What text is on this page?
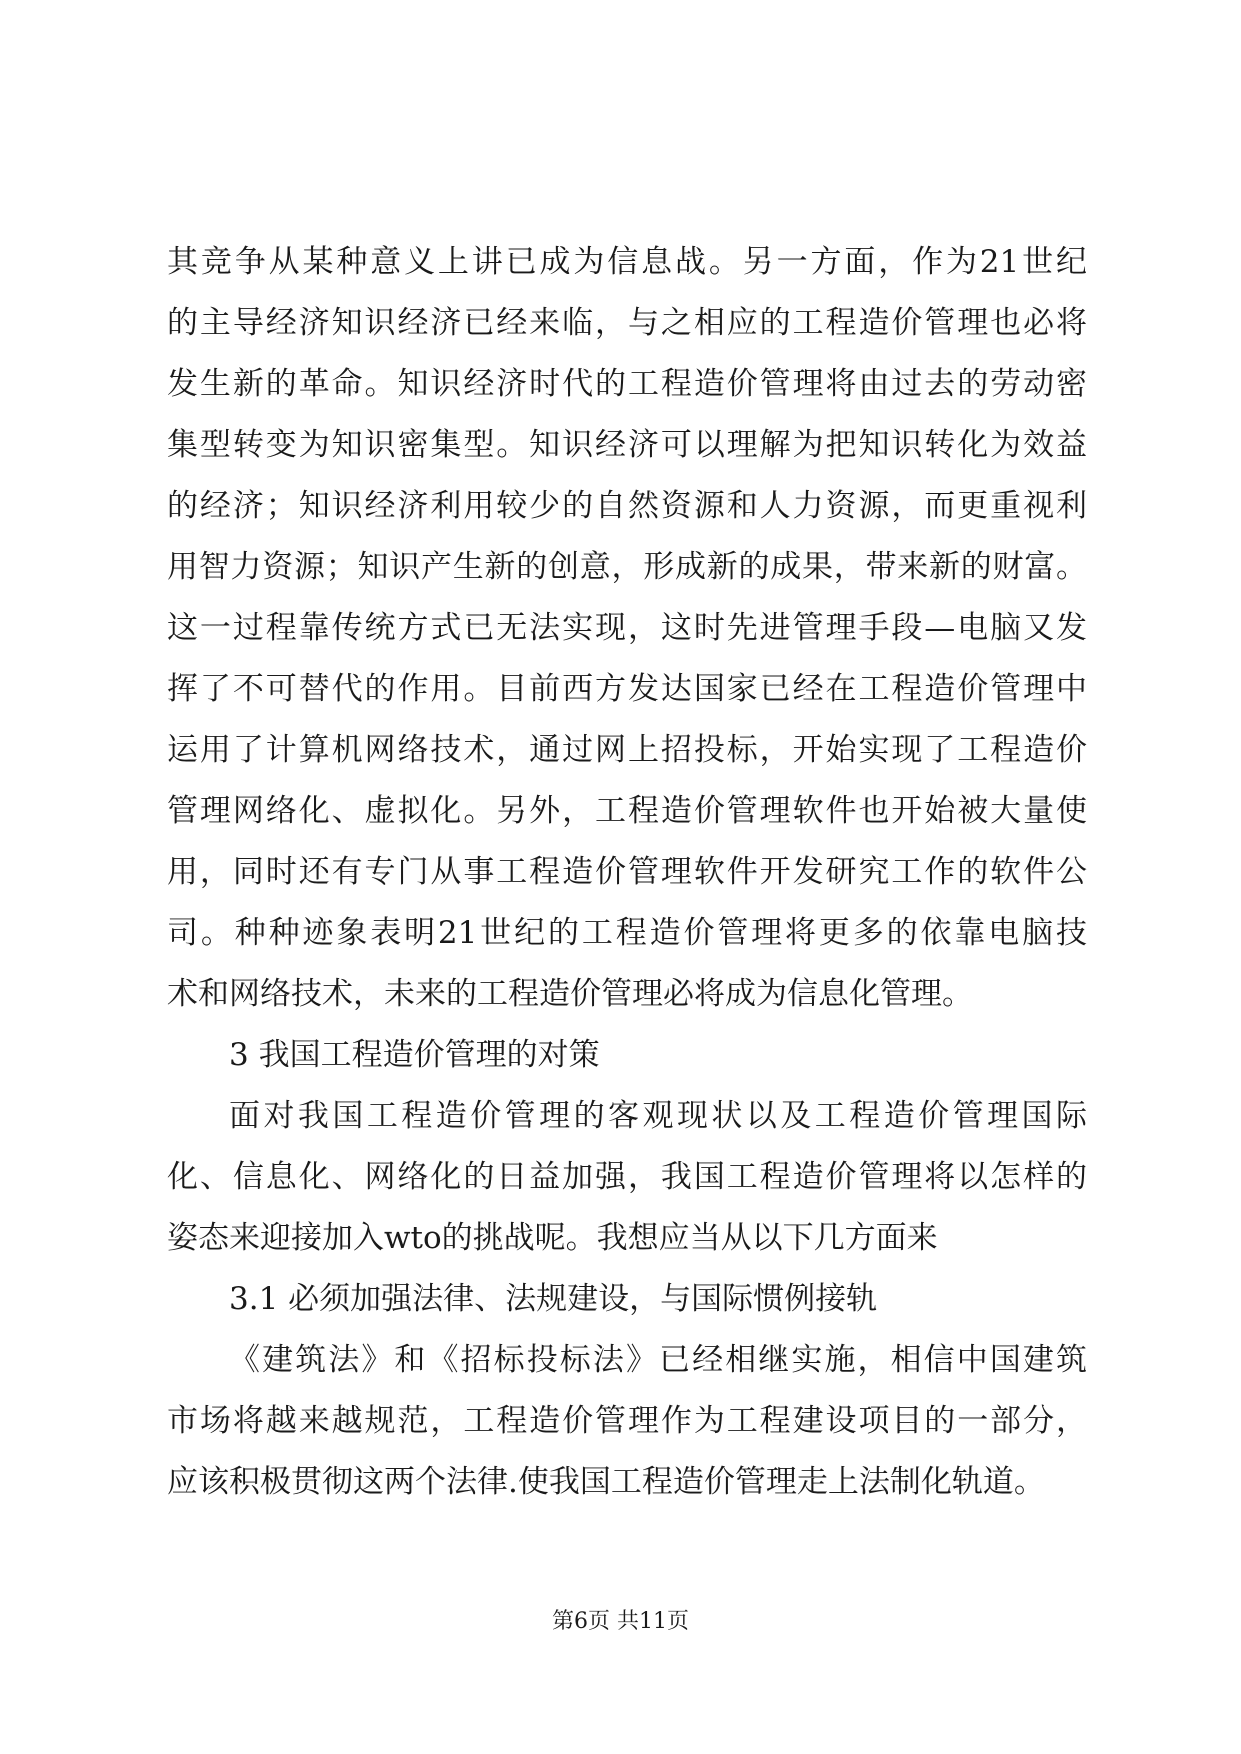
其竞争从某种意义上讲已成为信息战。另一方面，作为21世纪
的主导经济知识经济已经来临，与之相应的工程造价管理也必将
发生新的革命。知识经济时代的工程造价管理将由过去的劳动密
集型转变为知识密集型。知识经济可以理解为把知识转化为效益
的经济；知识经济利用较少的自然资源和人力资源，而更重视利
用智力资源；知识产生新的创意，形成新的成果，带来新的财富。
这一过程靠传统方式已无法实现，这时先进管理手段—电脑又发
挥了不可替代的作用。目前西方发达国家已经在工程造价管理中
运用了计算机网络技术，通过网上招投标，开始实现了工程造价
管理网络化、虚拟化。另外，工程造价管理软件也开始被大量使
用，同时还有专门从事工程造价管理软件开发研究工作的软件公
司。种种迹象表明21世纪的工程造价管理将更多的依靠电脑技
术和网络技术，未来的工程造价管理必将成为信息化管理。
3 我国工程造价管理的对策
面对我国工程造价管理的客观现状以及工程造价管理国际
化、信息化、网络化的日益加强，我国工程造价管理将以怎样的
姿态来迎接加入wto的挑战呢。我想应当从以下几方面来
3.1 必须加强法律、法规建设，与国际惯例接轨
《建筑法》和《招标投标法》已经相继实施，相信中国建筑
市场将越来越规范，工程造价管理作为工程建设项目的一部分，
应该积极贯彻这两个法律.使我国工程造价管理走上法制化轨道。
第6页 共11页
